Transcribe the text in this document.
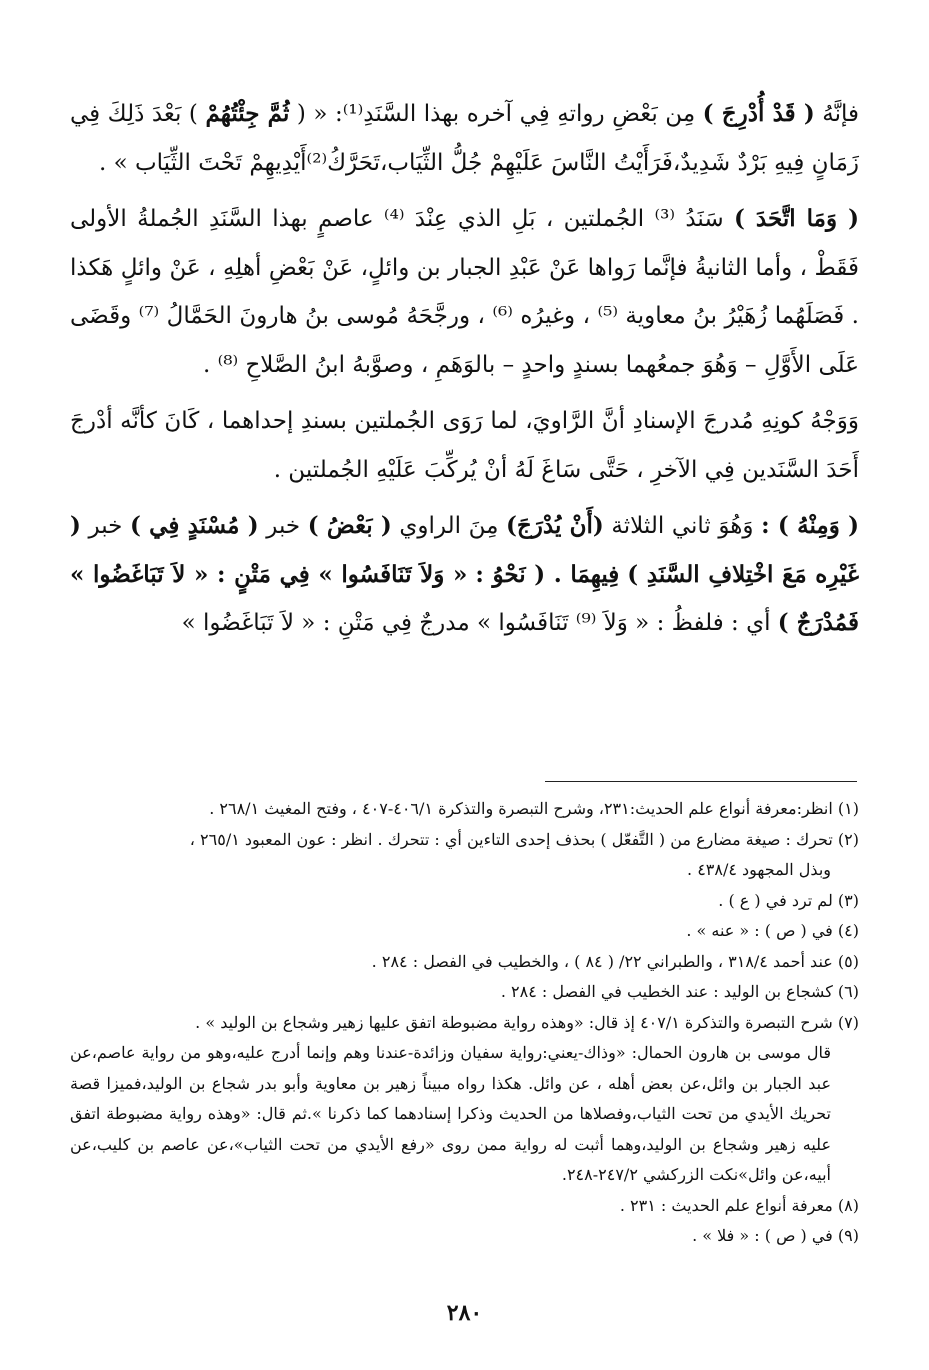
فإنَّهُ ( قَدْ أُدْرِجَ ) مِن بَعْضِ رواتهِ فِي آخره بهذا السَّنَدِ⁽¹⁾: « ( ثُمَّ جِئْتُهُمْ ) بَعْدَ ذَلِكَ فِي زَمَانٍ فِيهِ بَرْدٌ شَدِيدٌ،فَرَأَيْتُ النَّاسَ عَلَيْهِمْ جُلُّ الثِّيَاب،تَحَرَّكُ⁽²⁾أَيْدِيهِمْ تَحْتَ الثِّيَاب » .

( وَمَا اتَّحَدَ ) سَنَدُ ⁽³⁾ الجُملتين ، بَلِ الذي عِنْدَ ⁽⁴⁾ عاصمٍ بهذا السَّنَدِ الجُملةُ الأولى فَقَطْ ، وأما الثانيةُ فإنَّما رَواها عَنْ عَبْدِ الجبار بن وائلٍ، عَنْ بَعْضِ أهلِهِ ، عَنْ وائلٍ هَكذا . فَصَلَهُما زُهَيْرُ بنُ معاوية ⁽⁵⁾ ، وغيرُه ⁽⁶⁾ ، ورجَّحَهُ مُوسى بنُ هارونَ الحَمَّالُ ⁽⁷⁾ وقَضَى عَلَى الأَوَّلِ – وَهُوَ جمعُهما بسندٍ واحدٍ – بالوَهَمِ ، وصوَّبهُ ابنُ الصَّلاحِ ⁽⁸⁾ .

وَوَجْهُ كونِهِ مُدرجَ الإسنادِ أنَّ الرَّاويَ، لما رَوَى الجُملتين بسندِ إحداهما ، كَانَ كأنَّه أدْرجَ أَحَدَ السَّنَدين فِي الآخرِ ، حَتَّى سَاغَ لَهُ أنْ يُركِّبَ عَلَيْهِ الجُملتين .

( وَمِنْهُ ) : وَهُوَ ثاني الثلاثة (أَنْ يُدْرَجَ) مِنَ الراوي ( بَعْضُ ) خبر ( مُسْنَدٍ فِي ) خبر ( غَيْرِه مَعَ اخْتِلافِ السَّنَدِ ) فِيهِمَا . ( نَحْوُ : « وَلاَ تَنَافَسُوا » فِي مَتْنٍ : « لاَ تَبَاغَضُوا » فَمُدْرَجٌ ) أي : فلفظُ : « وَلاَ ⁽⁹⁾ تَنَافَسُوا » مدرجٌ فِي مَتْنِ : « لاَ تَبَاغَضُوا »

(١) انظر:معرفة أنواع علم الحديث:٢٣١، وشرح التبصرة والتذكرة ٤٠٦/١-٤٠٧ ، وفتح المغيث ٢٦٨/١ .

(٢) تحرك : صيغة مضارع من ( التَّفعّل ) بحذف إحدى التاءين أي : تتحرك . انظر : عون المعبود ٢٦٥/١ ،
وبذل المجهود ٤٣٨/٤ .

(٣) لم ترد في ( ع ) .

(٤) في ( ص ) : « عنه » .

(٥) عند أحمد ٣١٨/٤ ، والطبراني ٢٢/ ( ٨٤ ) ، والخطيب في الفصل : ٢٨٤ .

(٦) كشجاع بن الوليد : عند الخطيب في الفصل : ٢٨٤ .

(٧) شرح التبصرة والتذكرة ٤٠٧/١ إذ قال: «وهذه رواية مضبوطة اتفق عليها زهير وشجاع بن الوليد » .
قال موسى بن هارون الحمال: «وذاك-يعني:رواية سفيان وزائدة-عندنا وهم وإنما أدرج عليه،وهو من رواية عاصم،عن عبد الجبار بن وائل،عن بعض أهله ، عن وائل. هكذا رواه مبيناً زهير بن معاوية وأبو بدر شجاع بن الوليد،فميزا قصة تحريك الأيدي من تحت الثياب،وفصلاها من الحديث وذكرا إسنادهما كما ذكرنا ».ثم قال: «وهذه رواية مضبوطة اتفق عليه زهير وشجاع بن الوليد،وهما أثبت له رواية ممن روى «رفع الأيدي من تحت الثياب»،عن عاصم بن كليب،عن أبيه،عن وائل»نكت الزركشي ٢٤٧/٢-٢٤٨.

(٨) معرفة أنواع علم الحديث : ٢٣١ .

(٩) في ( ص ) : « فلا » .

٢٨٠
